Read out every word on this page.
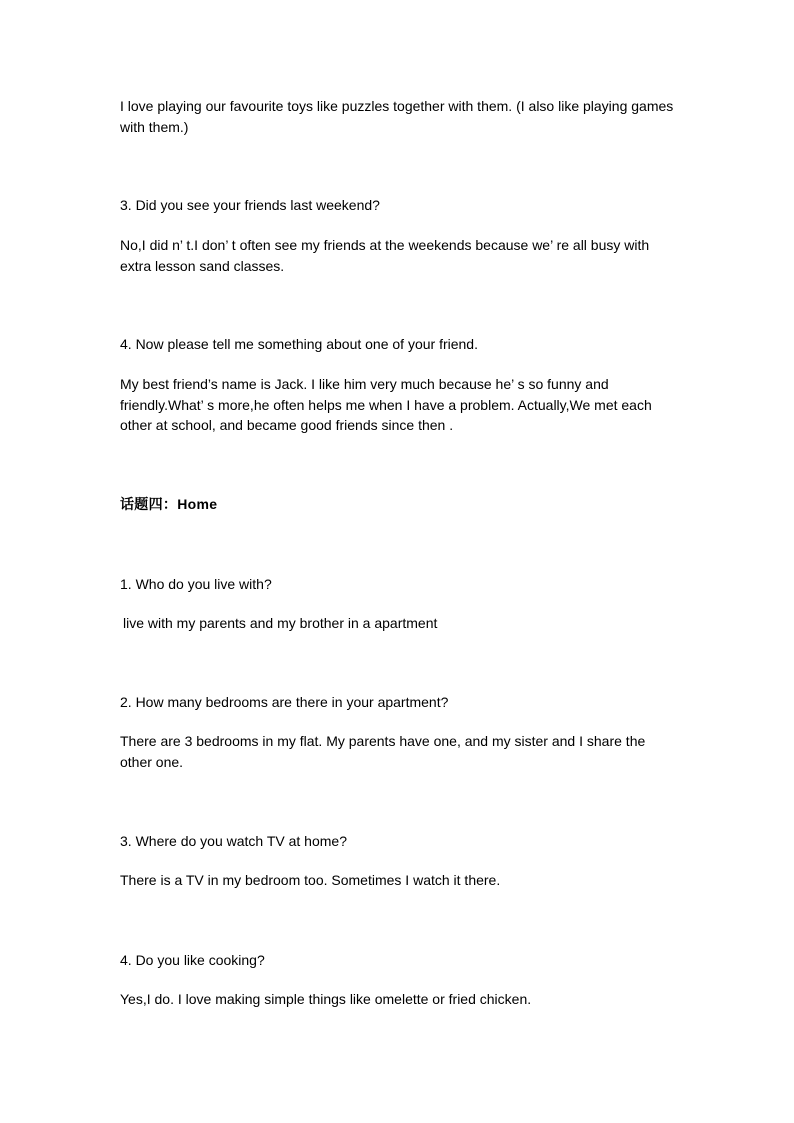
I love playing our favourite toys like puzzles together with them. (I also like playing games with them.)
3. Did you see your friends last weekend?
No,I did n’ t.I don’ t often see my friends at the weekends because we’ re all busy with extra lesson sand classes.
4. Now please tell me something about one of your friend.
My best friend’s name is Jack. I like him very much because he’ s so funny and friendly.What’ s more,he often helps me when I have a problem. Actually,We met each other at school, and became good friends since then .
话题四：Home
1. Who do you live with?
live with my parents and my brother in a apartment
2. How many bedrooms are there in your apartment?
There are 3 bedrooms in my flat. My parents have one, and my sister and I share the other one.
3. Where do you watch TV at home?
There is a TV in my bedroom too. Sometimes I watch it there.
4. Do you like cooking?
Yes,I do. I love making simple things like omelette or fried chicken.
